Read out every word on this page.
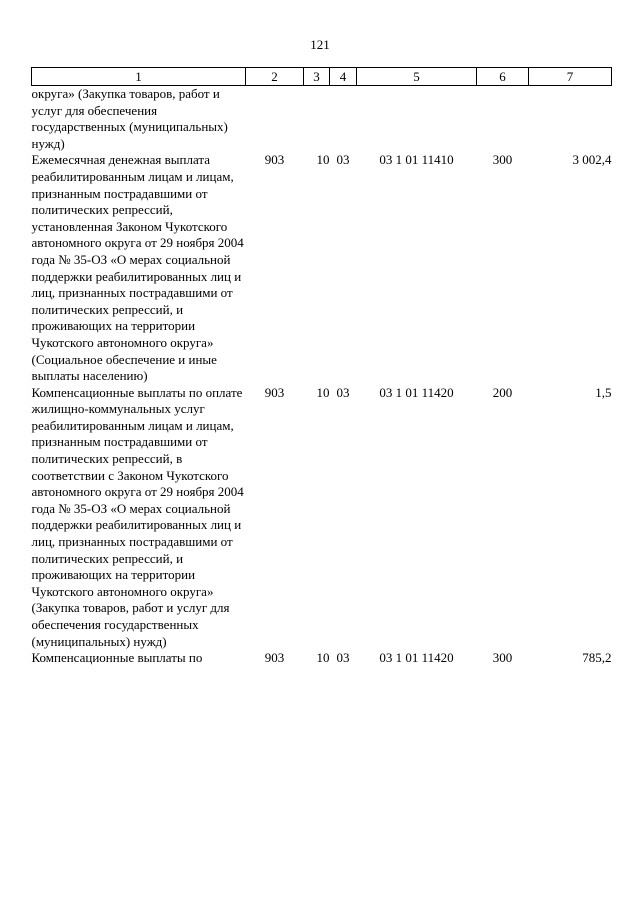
121
1	2	3	4	5	6	7
округа» (Закупка товаров, работ и услуг для обеспечения государственных (муниципальных) нужд)						
Ежемесячная денежная выплата реабилитированным лицам и лицам, признанным пострадавшими от политических репрессий, установленная Законом Чукотского автономного округа от 29 ноября 2004 года № 35-ОЗ «О мерах социальной поддержки реабилитированных лиц и лиц, признанных пострадавшими от политических репрессий, и проживающих на территории Чукотского автономного округа» (Социальное обеспечение и иные выплаты населению)	903	10	03	03 1 01 11410	300	3 002,4
Компенсационные выплаты по оплате жилищно-коммунальных услуг реабилитированным лицам и лицам, признанным пострадавшими от политических репрессий, в соответствии с Законом Чукотского автономного округа от 29 ноября 2004 года № 35-ОЗ «О мерах социальной поддержки реабилитированных лиц и лиц, признанных пострадавшими от политических репрессий, и проживающих на территории Чукотского автономного округа» (Закупка товаров, работ и услуг для обеспечения государственных (муниципальных) нужд)	903	10	03	03 1 01 11420	200	1,5
Компенсационные выплаты по	903	10	03	03 1 01 11420	300	785,2
